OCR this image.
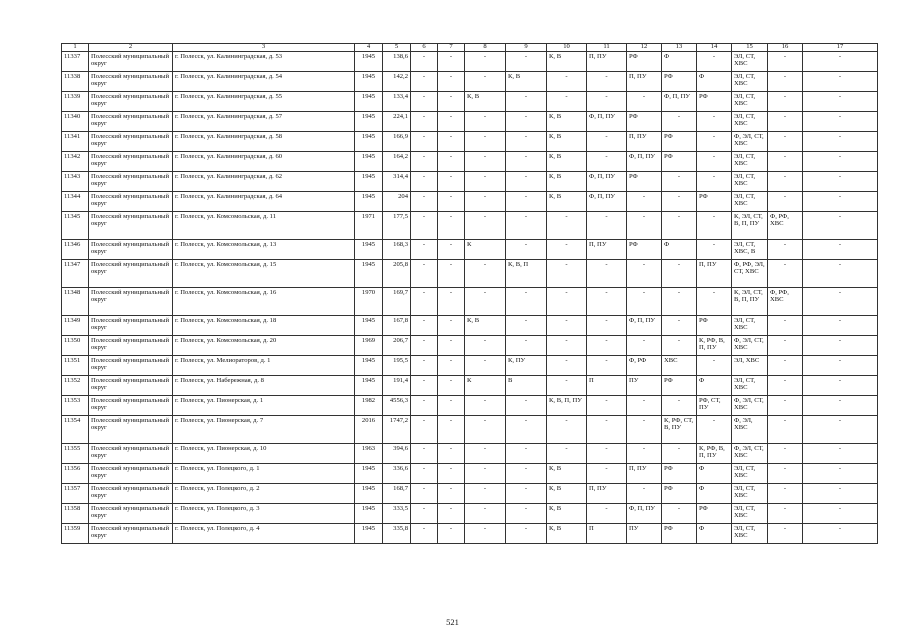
1	2	3	4	5	6	7	8	9	10	11	12	13	14	15	16	17
11337	Полесский муниципальный округ	г. Полесск, ул. Калининградская, д. 53	1945	138,6	-	-	-	-	К, В	П, ПУ	РФ	Ф	-	ЭЛ, СТ, ХВС	-	-
11338	Полесский муниципальный округ	г. Полесск, ул. Калининградская, д. 54	1945	142,2	-	-	-	К, В	-	-	П, ПУ	РФ	Ф	ЭЛ, СТ, ХВС	-	-
11339	Полесский муниципальный округ	г. Полесск, ул. Калининградская, д. 55	1945	133,4	-	-	К, В	-	-	-	-	Ф, П, ПУ	РФ	ЭЛ, СТ, ХВС	-	-
11340	Полесский муниципальный округ	г. Полесск, ул. Калининградская, д. 57	1945	224,1	-	-	-	-	К, В	Ф, П, ПУ	РФ	-	-	ЭЛ, СТ, ХВС	-	-
11341	Полесский муниципальный округ	г. Полесск, ул. Калининградская, д. 58	1945	166,9	-	-	-	-	К, В	-	П, ПУ	РФ	-	Ф, ЭЛ, СТ, ХВС	-	-
11342	Полесский муниципальный округ	г. Полесск, ул. Калининградская, д. 60	1945	164,2	-	-	-	-	К, В	-	Ф, П, ПУ	РФ	-	ЭЛ, СТ, ХВС	-	-
11343	Полесский муниципальный округ	г. Полесск, ул. Калининградская, д. 62	1945	314,4	-	-	-	-	К, В	Ф, П, ПУ	РФ	-	-	ЭЛ, СТ, ХВС	-	-
11344	Полесский муниципальный округ	г. Полесск, ул. Калининградская, д. 64	1945	204	-	-	-	-	К, В	Ф, П, ПУ	-	-	РФ	ЭЛ, СТ, ХВС	-	-
11345	Полесский муниципальный округ	г. Полесск, ул. Комсомольская, д. 11	1971	177,5	-	-	-	-	-	-	-	-	-	К, ЭЛ, СТ, В, П, ПУ	Ф, РФ, ХВС	-
11346	Полесский муниципальный округ	г. Полесск, ул. Комсомольская, д. 13	1945	168,3	-	-	К	-	-	П, ПУ	РФ	Ф	-	ЭЛ, СТ, ХВС, В	-	-
11347	Полесский муниципальный округ	г. Полесск, ул. Комсомольская, д. 15	1945	205,8	-	-	-	К, В, П	-	-	-	-	П, ПУ	Ф, РФ, ЭЛ, СТ, ХВС	-	-
11348	Полесский муниципальный округ	г. Полесск, ул. Комсомольская, д. 16	1970	169,7	-	-	-	-	-	-	-	-	-	К, ЭЛ, СТ, В, П, ПУ	Ф, РФ, ХВС	-
11349	Полесский муниципальный округ	г. Полесск, ул. Комсомольская, д. 18	1945	167,8	-	-	К, В	-	-	-	Ф, П, ПУ	-	РФ	ЭЛ, СТ, ХВС	-	-
11350	Полесский муниципальный округ	г. Полесск, ул. Комсомольская, д. 20	1969	206,7	-	-	-	-	-	-	-	-	К, РФ, В, П, ПУ	Ф, ЭЛ, СТ, ХВС	-	-
11351	Полесский муниципальный округ	г. Полесск, ул. Мелиораторов, д. 1	1945	195,5	-	-	-	К, ПУ	-	-	Ф, РФ	ХВС	-	ЭЛ, ХВС	-	-
11352	Полесский муниципальный округ	г. Полесск, ул. Набережная, д. 8	1945	191,4	-	-	К	В	-	П	ПУ	РФ	Ф	ЭЛ, СТ, ХВС	-	-
11353	Полесский муниципальный округ	г. Полесск, ул. Пионерская, д. 1	1982	4556,3	-	-	-	-	К, В, П, ПУ	-	-	-	РФ, СТ, ПУ	Ф, ЭЛ, СТ, ХВС	-	-
11354	Полесский муниципальный округ	г. Полесск, ул. Пионерская, д. 7	2016	1747,2	-	-	-	-	-	-	-	К, РФ, СТ, В, ПУ	-	Ф, ЭЛ, ХВС	-	-
11355	Полесский муниципальный округ	г. Полесск, ул. Пионерская, д. 10	1963	394,6	-	-	-	-	-	-	-	-	К, РФ, В, П, ПУ	Ф, ЭЛ, СТ, ХВС	-	-
11356	Полесский муниципальный округ	г. Полесск, ул. Полецкого, д. 1	1945	336,6	-	-	-	-	К, В	-	П, ПУ	РФ	Ф	ЭЛ, СТ, ХВС	-	-
11357	Полесский муниципальный округ	г. Полесск, ул. Полецкого, д. 2	1945	168,7	-	-	-	-	К, В	П, ПУ	-	РФ	Ф	ЭЛ, СТ, ХВС	-	-
11358	Полесский муниципальный округ	г. Полесск, ул. Полецкого, д. 3	1945	333,5	-	-	-	-	К, В	-	Ф, П, ПУ	-	РФ	ЭЛ, СТ, ХВС	-	-
11359	Полесский муниципальный округ	г. Полесск, ул. Полецкого, д. 4	1945	335,8	-	-	-	-	К, В	П	ПУ	РФ	Ф	ЭЛ, СТ, ХВС	-	-
521
